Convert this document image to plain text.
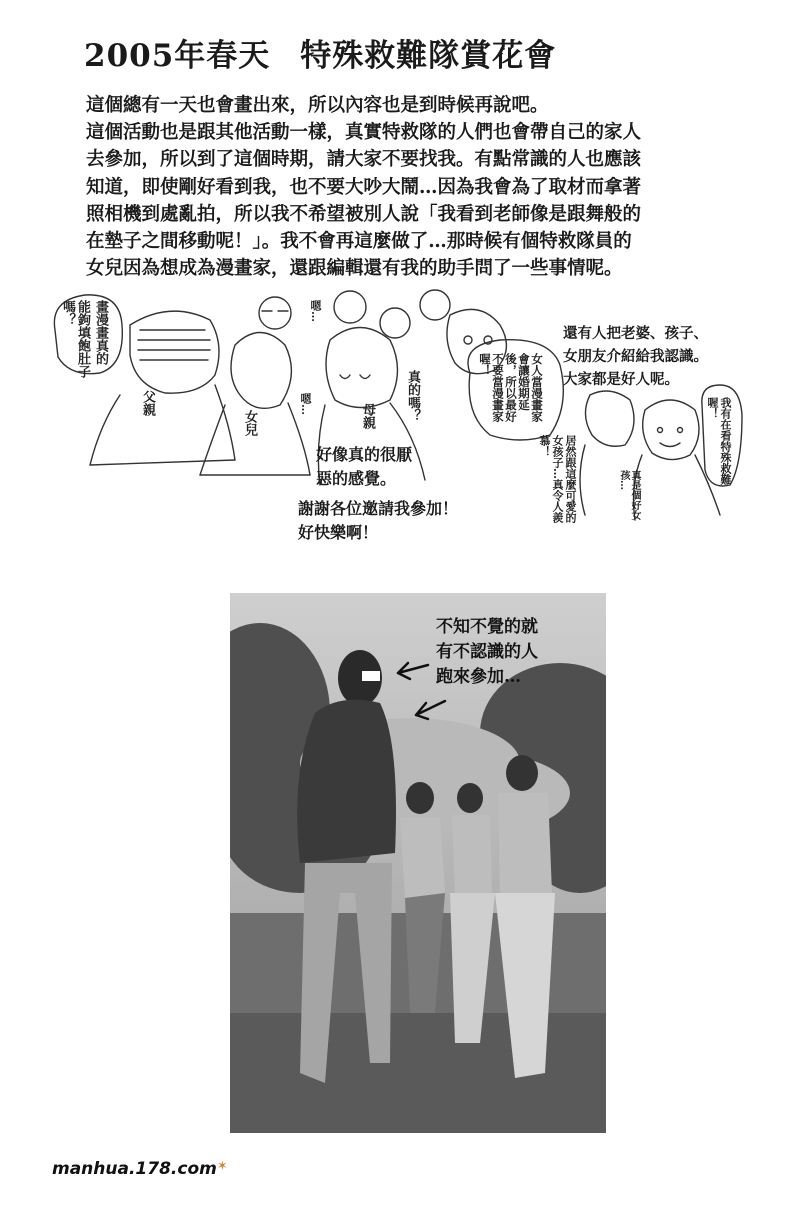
2005年春天 特殊救難隊賞花會
這個總有一天也會畫出來，所以內容也是到時候再說吧。
這個活動也是跟其他活動一樣，真實特救隊的人們也會帶自己的家人
去參加，所以到了這個時期，請大家不要找我。有點常識的人也應該
知道，即使剛好看到我，也不要大吵大鬧…因為我會為了取材而拿著
照相機到處亂拍，所以我不希望被別人說「我看到老師像是跟舞般的
在墊子之間移動呢！」。我不會再這麼做了…那時候有個特救隊員的
女兒因為想成為漫畫家，還跟編輯還有我的助手問了一些事情呢。
能鉤填飽肚子嗎？	畫漫畫真的
父親
女兒	母親 真的嗎？
嗯…
嗯…	女人當漫畫家會讓婚期延後，所以最好不要當漫畫家喔！
居然跟這麼可愛的女孩子…真令人羨慕！	我有在看特殊救難喔！
真是個好女孩…
好像真的很厭
惡的感覺。
謝謝各位邀請我參加！
好快樂啊！
還有人把老婆、孩子、
女朋友介紹給我認識。
大家都是好人呢。
不知不覺的就
有不認識的人
跑來參加…
manhua.178.com✶
